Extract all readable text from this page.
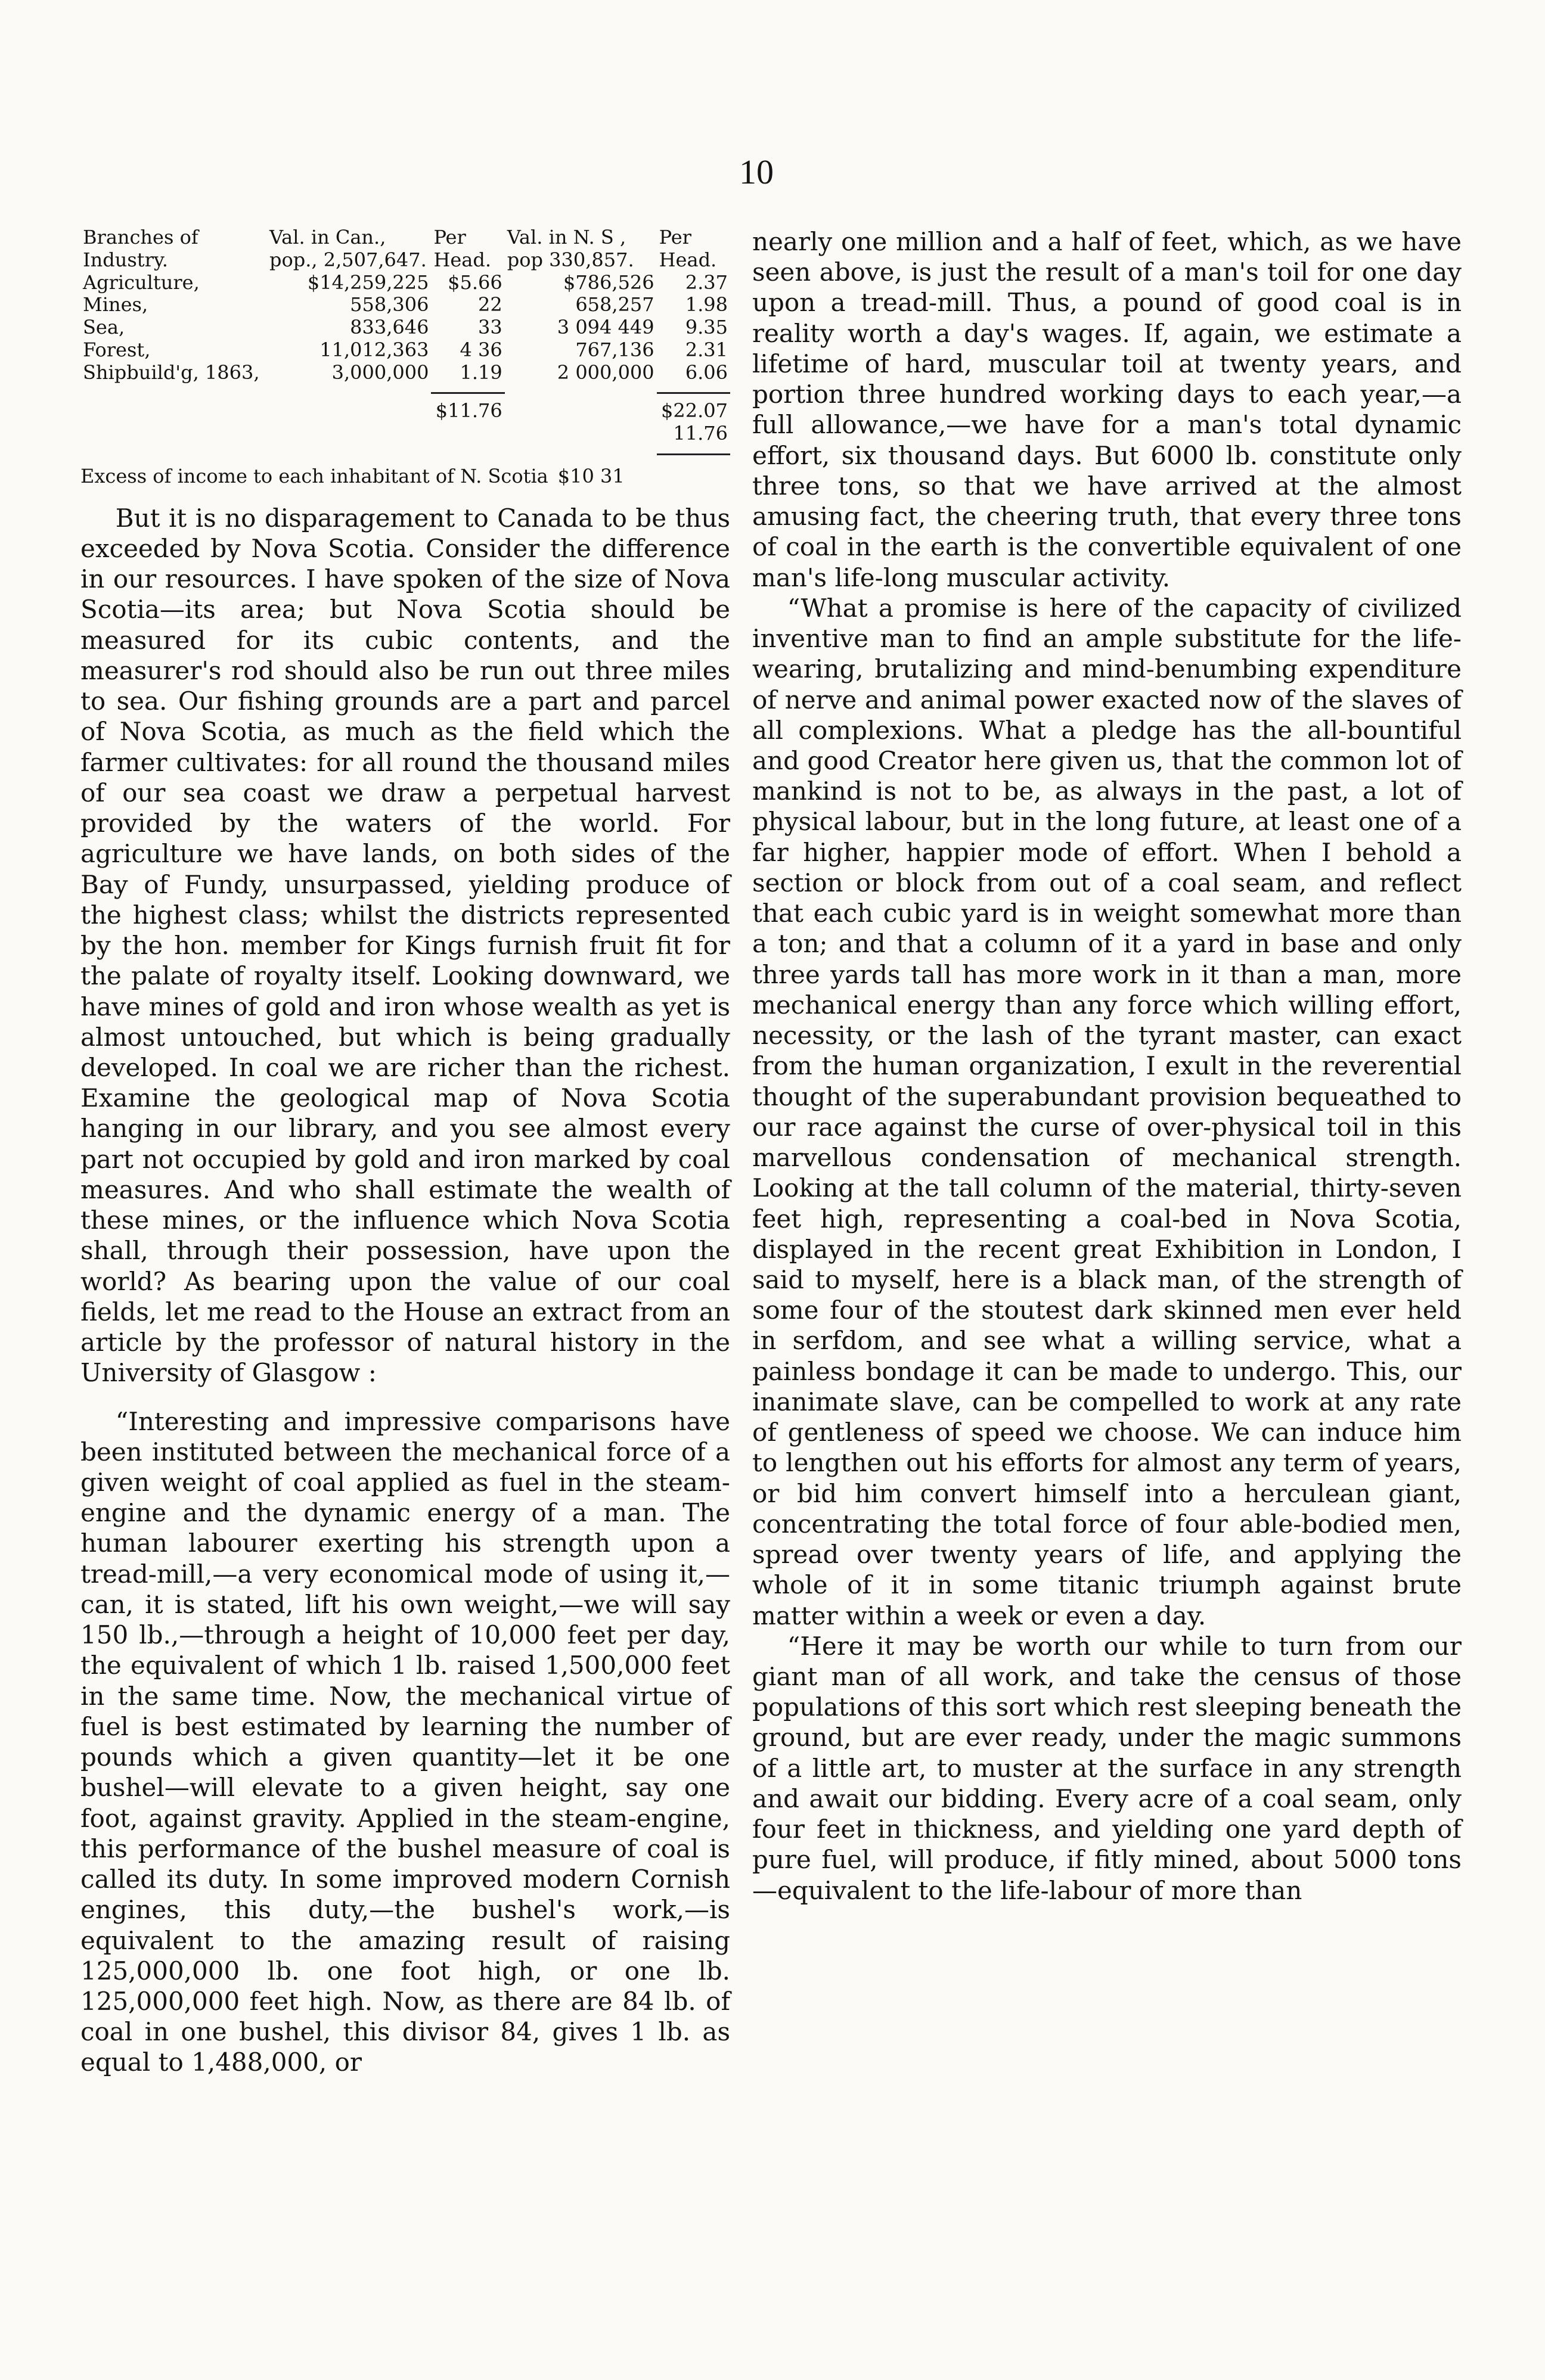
10
Branches of Industry.	Val. in Can., pop., 2,507,647.	Per Head.	Val. in N. S , pop 330,857.	Per Head.
Agriculture,	$14,259,225	$5.66	$786,526	2.37
Mines,	558,306	22	658,257	1.98
Sea,	833,646	33	3 094 449	9.35
Forest,	11,012,363	4 36	767,136	2.31
Shipbuild'g, 1863,	3,000,000	1.19	2 000,000	6.06

		$11.76		$22.07
				11.76

Excess of income to each inhabitant of N. Scotia $10 31

But it is no disparagement to Canada to be thus exceeded by Nova Scotia. Consider the difference in our resources. I have spoken of the size of Nova Scotia—its area; but Nova Scotia should be measured for its cubic contents, and the measurer's rod should also be run out three miles to sea. Our fishing grounds are a part and parcel of Nova Scotia, as much as the field which the farmer cultivates: for all round the thousand miles of our sea coast we draw a perpetual harvest provided by the waters of the world. For agriculture we have lands, on both sides of the Bay of Fundy, unsurpassed, yielding produce of the highest class; whilst the districts represented by the hon. member for Kings furnish fruit fit for the palate of royalty itself. Looking downward, we have mines of gold and iron whose wealth as yet is almost untouched, but which is being gradually developed. In coal we are richer than the richest. Examine the geological map of Nova Scotia hanging in our library, and you see almost every part not occupied by gold and iron marked by coal measures. And who shall estimate the wealth of these mines, or the influence which Nova Scotia shall, through their possession, have upon the world? As bearing upon the value of our coal fields, let me read to the House an extract from an article by the professor of natural history in the University of Glasgow :

“Interesting and impressive comparisons have been instituted between the mechanical force of a given weight of coal applied as fuel in the steam-engine and the dynamic energy of a man. The human labourer exerting his strength upon a tread-mill,—a very economical mode of using it,—can, it is stated, lift his own weight,—we will say 150 lb.,—through a height of 10,000 feet per day, the equivalent of which 1 lb. raised 1,500,000 feet in the same time. Now, the mechanical virtue of fuel is best estimated by learning the number of pounds which a given quantity—let it be one bushel—will elevate to a given height, say one foot, against gravity. Applied in the steam-engine, this performance of the bushel measure of coal is called its duty. In some improved modern Cornish engines, this duty,—the bushel's work,—is equivalent to the amazing result of raising 125,000,000 lb. one foot high, or one lb. 125,000,000 feet high. Now, as there are 84 lb. of coal in one bushel, this divisor 84, gives 1 lb. as equal to 1,488,000, or

nearly one million and a half of feet, which, as we have seen above, is just the result of a man's toil for one day upon a tread-mill. Thus, a pound of good coal is in reality worth a day's wages. If, again, we estimate a lifetime of hard, muscular toil at twenty years, and portion three hundred working days to each year,—a full allowance,—we have for a man's total dynamic effort, six thousand days. But 6000 lb. constitute only three tons, so that we have arrived at the almost amusing fact, the cheering truth, that every three tons of coal in the earth is the convertible equivalent of one man's life-long muscular activity.

“What a promise is here of the capacity of civilized inventive man to find an ample substitute for the life-wearing, brutalizing and mind-benumbing expenditure of nerve and animal power exacted now of the slaves of all complexions. What a pledge has the all-bountiful and good Creator here given us, that the common lot of mankind is not to be, as always in the past, a lot of physical labour, but in the long future, at least one of a far higher, happier mode of effort. When I behold a section or block from out of a coal seam, and reflect that each cubic yard is in weight somewhat more than a ton; and that a column of it a yard in base and only three yards tall has more work in it than a man, more mechanical energy than any force which willing effort, necessity, or the lash of the tyrant master, can exact from the human organization, I exult in the reverential thought of the superabundant provision bequeathed to our race against the curse of over-physical toil in this marvellous condensation of mechanical strength. Looking at the tall column of the material, thirty-seven feet high, representing a coal-bed in Nova Scotia, displayed in the recent great Exhibition in London, I said to myself, here is a black man, of the strength of some four of the stoutest dark skinned men ever held in serfdom, and see what a willing service, what a painless bondage it can be made to undergo. This, our inanimate slave, can be compelled to work at any rate of gentleness of speed we choose. We can induce him to lengthen out his efforts for almost any term of years, or bid him convert himself into a herculean giant, concentrating the total force of four able-bodied men, spread over twenty years of life, and applying the whole of it in some titanic triumph against brute matter within a week or even a day.

“Here it may be worth our while to turn from our giant man of all work, and take the census of those populations of this sort which rest sleeping beneath the ground, but are ever ready, under the magic summons of a little art, to muster at the surface in any strength and await our bidding. Every acre of a coal seam, only four feet in thickness, and yielding one yard depth of pure fuel, will produce, if fitly mined, about 5000 tons—equivalent to the life-labour of more than
